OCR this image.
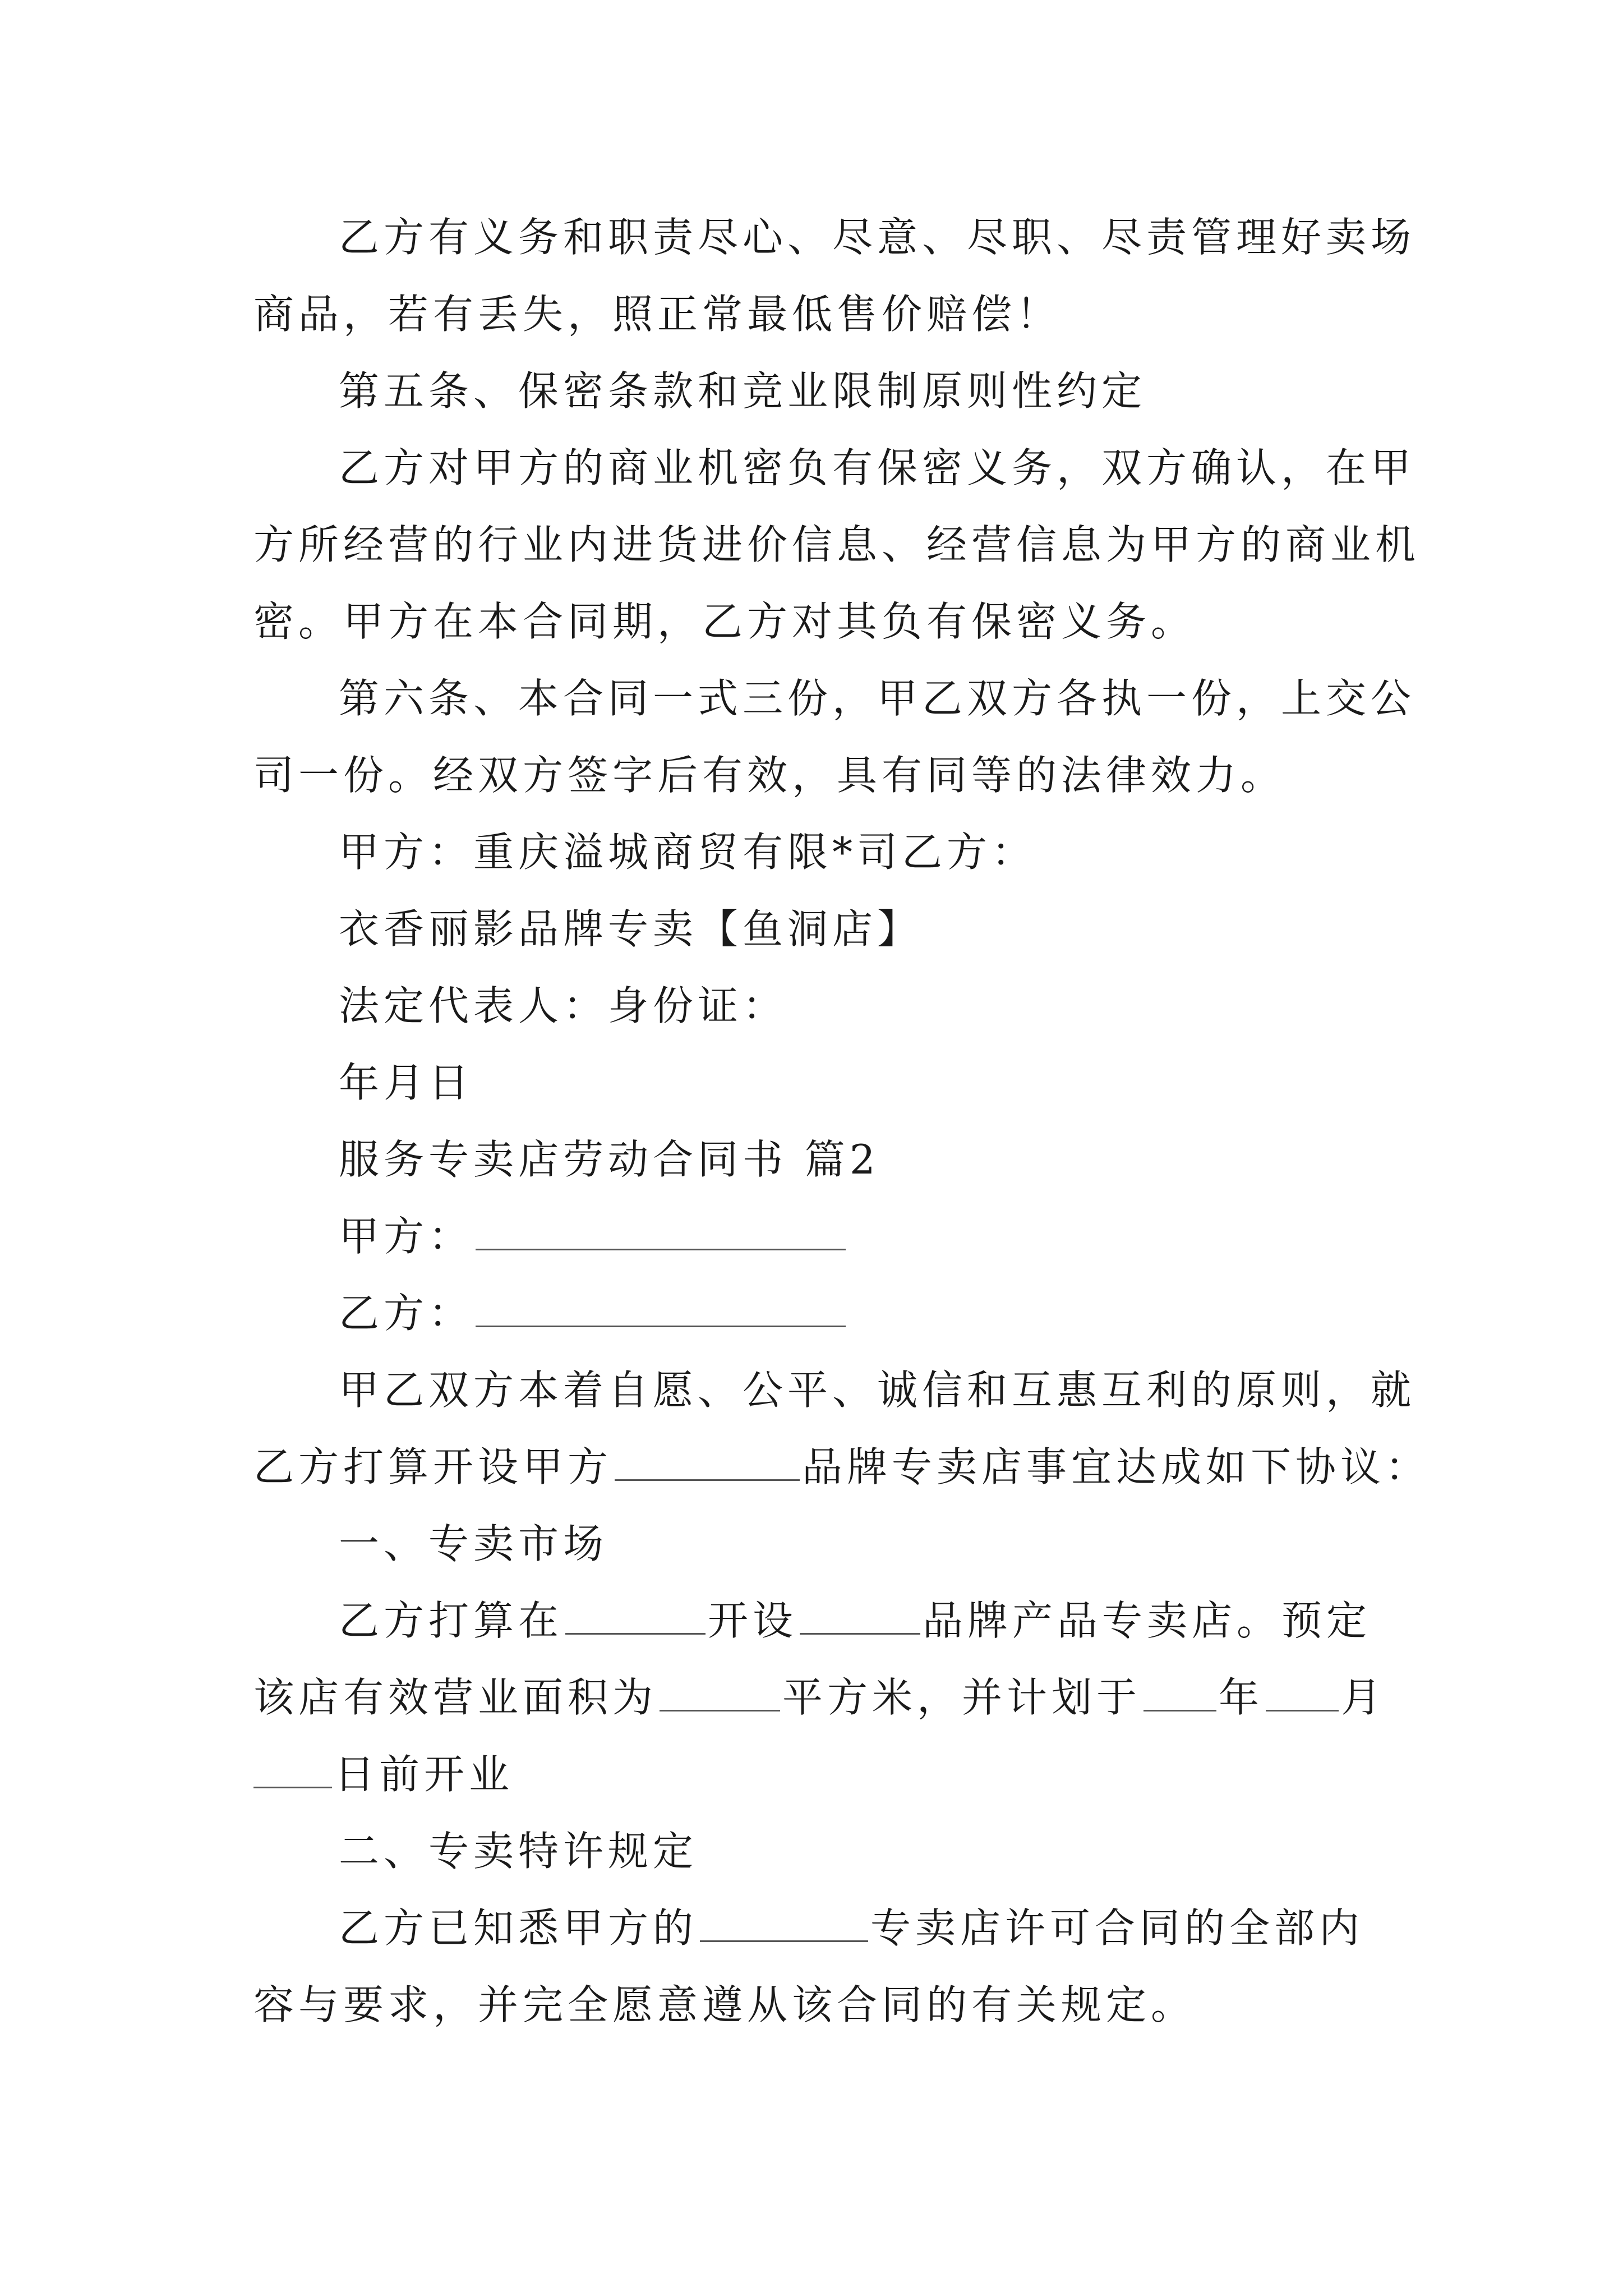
乙方有义务和职责尽心、尽意、尽职、尽责管理好卖场
商品，若有丢失，照正常最低售价赔偿！
第五条、保密条款和竞业限制原则性约定
乙方对甲方的商业机密负有保密义务，双方确认，在甲
方所经营的行业内进货进价信息、经营信息为甲方的商业机
密。甲方在本合同期，乙方对其负有保密义务。
第六条、本合同一式三份，甲乙双方各执一份，上交公
司一份。经双方签字后有效，具有同等的法律效力。
甲方：重庆溢城商贸有限*司乙方：
衣香丽影品牌专卖【鱼洞店】
法定代表人：身份证：
年月日
服务专卖店劳动合同书 篇2
甲方：
乙方：
甲乙双方本着自愿、公平、诚信和互惠互利的原则，就
乙方打算开设甲方	品牌专卖店事宜达成如下协议：
一、专卖市场
乙方打算在	开设	品牌产品专卖店。预定
该店有效营业面积为	平方米，并计划于 年 月
日前开业
二、专卖特许规定
乙方已知悉甲方的	专卖店许可合同的全部内
容与要求，并完全愿意遵从该合同的有关规定。
